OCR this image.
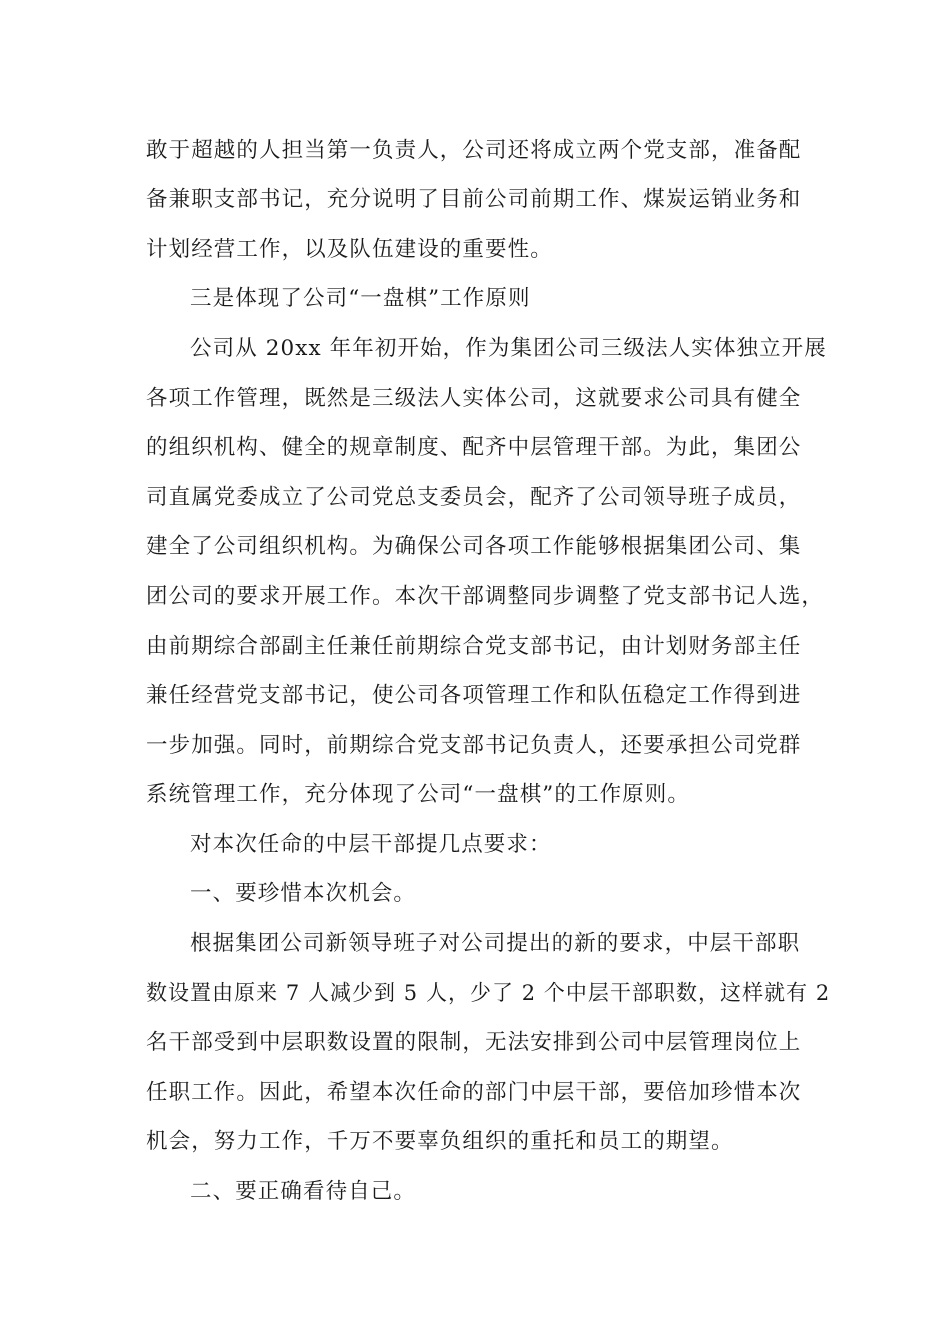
敢于超越的人担当第一负责人，公司还将成立两个党支部，准备配
备兼职支部书记，充分说明了目前公司前期工作、煤炭运销业务和
计划经营工作，以及队伍建设的重要性。
三是体现了公司“一盘棋”工作原则
公司从 20xx 年年初开始，作为集团公司三级法人实体独立开展
各项工作管理，既然是三级法人实体公司，这就要求公司具有健全
的组织机构、健全的规章制度、配齐中层管理干部。为此，集团公
司直属党委成立了公司党总支委员会，配齐了公司领导班子成员，
建全了公司组织机构。为确保公司各项工作能够根据集团公司、集
团公司的要求开展工作。本次干部调整同步调整了党支部书记人选，
由前期综合部副主任兼任前期综合党支部书记，由计划财务部主任
兼任经营党支部书记，使公司各项管理工作和队伍稳定工作得到进
一步加强。同时，前期综合党支部书记负责人，还要承担公司党群
系统管理工作，充分体现了公司“一盘棋”的工作原则。
对本次任命的中层干部提几点要求：
一、要珍惜本次机会。
根据集团公司新领导班子对公司提出的新的要求，中层干部职
数设置由原来 7 人减少到 5 人，少了 2 个中层干部职数，这样就有 2
名干部受到中层职数设置的限制，无法安排到公司中层管理岗位上
任职工作。因此，希望本次任命的部门中层干部，要倍加珍惜本次
机会，努力工作，千万不要辜负组织的重托和员工的期望。
二、要正确看待自己。
